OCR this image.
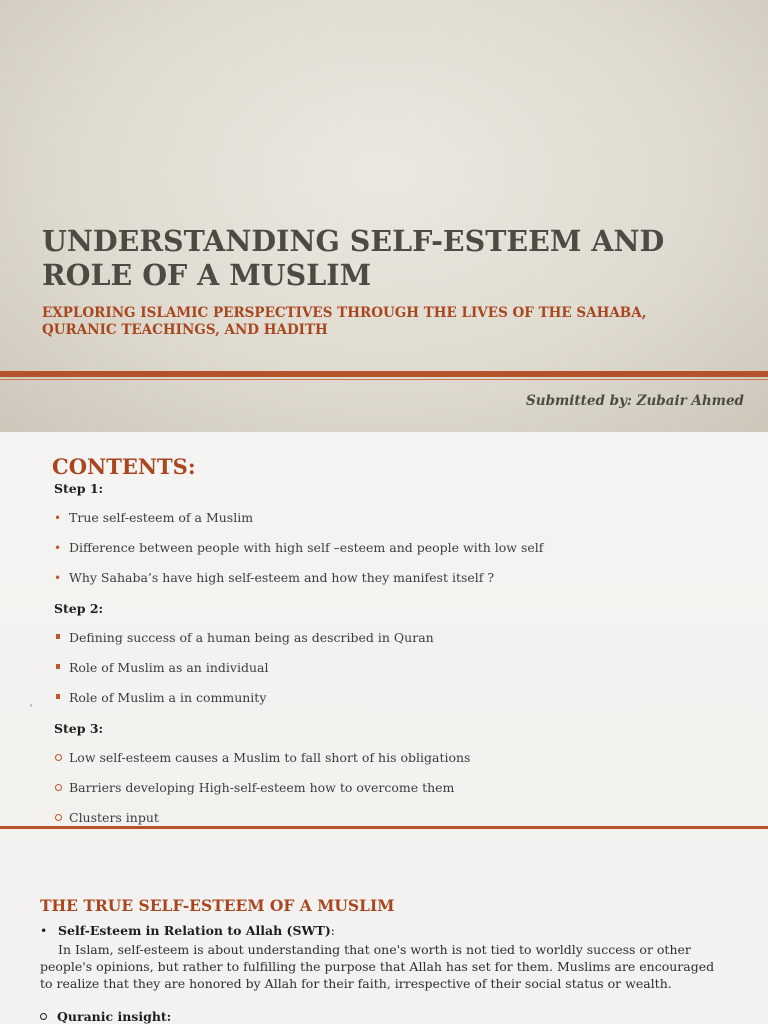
UNDERSTANDING SELF-ESTEEM AND ROLE OF A MUSLIM
EXPLORING ISLAMIC PERSPECTIVES THROUGH THE LIVES OF THE SAHABA, QURANIC TEACHINGS, AND HADITH
Submitted by: Zubair Ahmed
CONTENTS:

Step 1:

•True self-esteem of a Muslim

•Difference between people with high self –esteem and people with low self

•Why Sahaba’s have high self-esteem and how they manifest itself ?

Step 2:

Defining success of a human being as described in Quran

Role of Muslim as an individual

Role of Muslim a in community

Step 3:

Low self-esteem causes a Muslim to fall short of his obligations

Barriers developing High-self-esteem how to overcome them

Clusters input

THE TRUE SELF-ESTEEM OF A MUSLIM

• Self-Esteem in Relation to Allah (SWT):

In Islam, self-esteem is about understanding that one's worth is not tied to worldly success or other people's opinions, but rather to fulfilling the purpose that Allah has set for them. Muslims are encouraged to realize that they are honored by Allah for their faith, irrespective of their social status or wealth.

Quranic insight:
